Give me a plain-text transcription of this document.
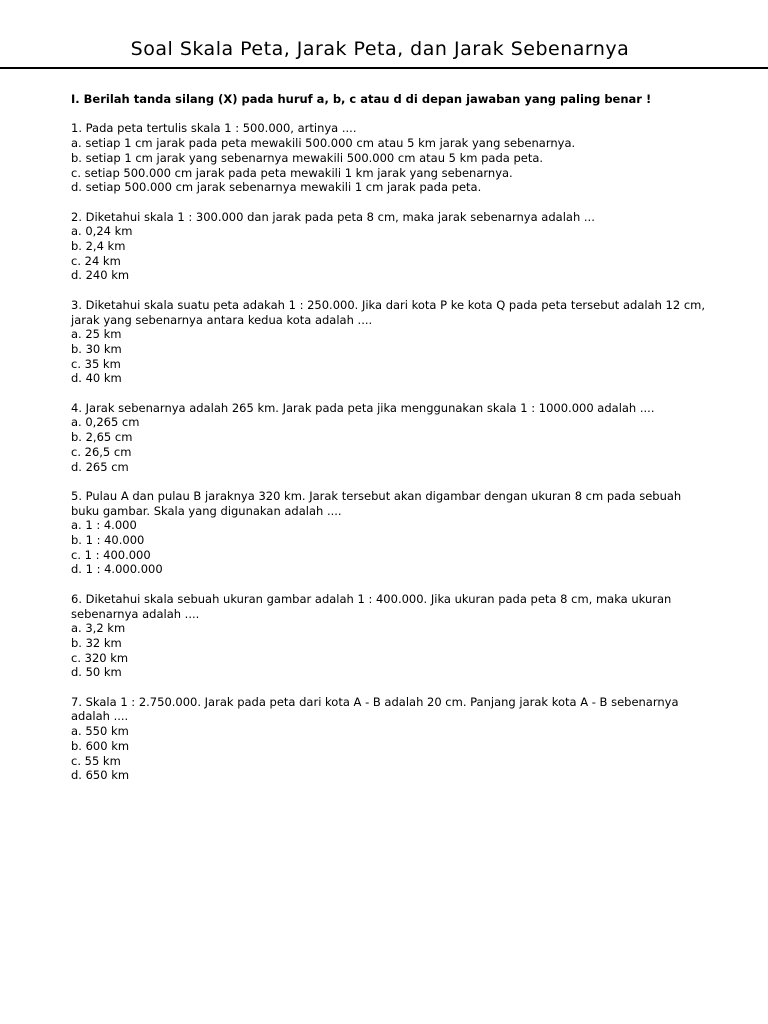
Soal Skala Peta, Jarak Peta, dan Jarak Sebenarnya
I. Berilah tanda silang (X) pada huruf a, b, c atau d di depan jawaban yang paling benar !
1. Pada peta tertulis skala 1 : 500.000, artinya ....
a. setiap 1 cm jarak pada peta mewakili 500.000 cm atau 5 km jarak yang sebenarnya.
b. setiap 1 cm jarak yang sebenarnya mewakili 500.000 cm atau 5 km pada peta.
c. setiap 500.000 cm jarak pada peta mewakili 1 km jarak yang sebenarnya.
d. setiap 500.000 cm jarak sebenarnya mewakili 1 cm jarak pada peta.
2. Diketahui skala 1 : 300.000 dan jarak pada peta 8 cm, maka jarak sebenarnya adalah ...
a. 0,24 km
b. 2,4 km
c. 24 km
d. 240 km
3. Diketahui skala suatu peta adakah 1 : 250.000. Jika dari kota P ke kota Q pada peta tersebut adalah 12 cm, jarak yang sebenarnya antara kedua kota adalah ....
a. 25 km
b. 30 km
c. 35 km
d. 40 km
4. Jarak sebenarnya adalah 265 km. Jarak pada peta jika menggunakan skala 1 : 1000.000 adalah ....
a. 0,265 cm
b. 2,65 cm
c. 26,5 cm
d. 265 cm
5. Pulau A dan pulau B jaraknya 320 km. Jarak tersebut akan digambar dengan ukuran 8 cm pada sebuah buku gambar. Skala yang digunakan adalah ....
a. 1 : 4.000
b. 1 : 40.000
c. 1 : 400.000
d. 1 : 4.000.000
6. Diketahui skala sebuah ukuran gambar adalah 1 : 400.000. Jika ukuran pada peta 8 cm, maka ukuran sebenarnya adalah ....
a. 3,2 km
b. 32 km
c. 320 km
d. 50 km
7. Skala 1 : 2.750.000. Jarak pada peta dari kota A - B adalah 20 cm. Panjang jarak kota A - B sebenarnya adalah ....
a. 550 km
b. 600 km
c. 55 km
d. 650 km
